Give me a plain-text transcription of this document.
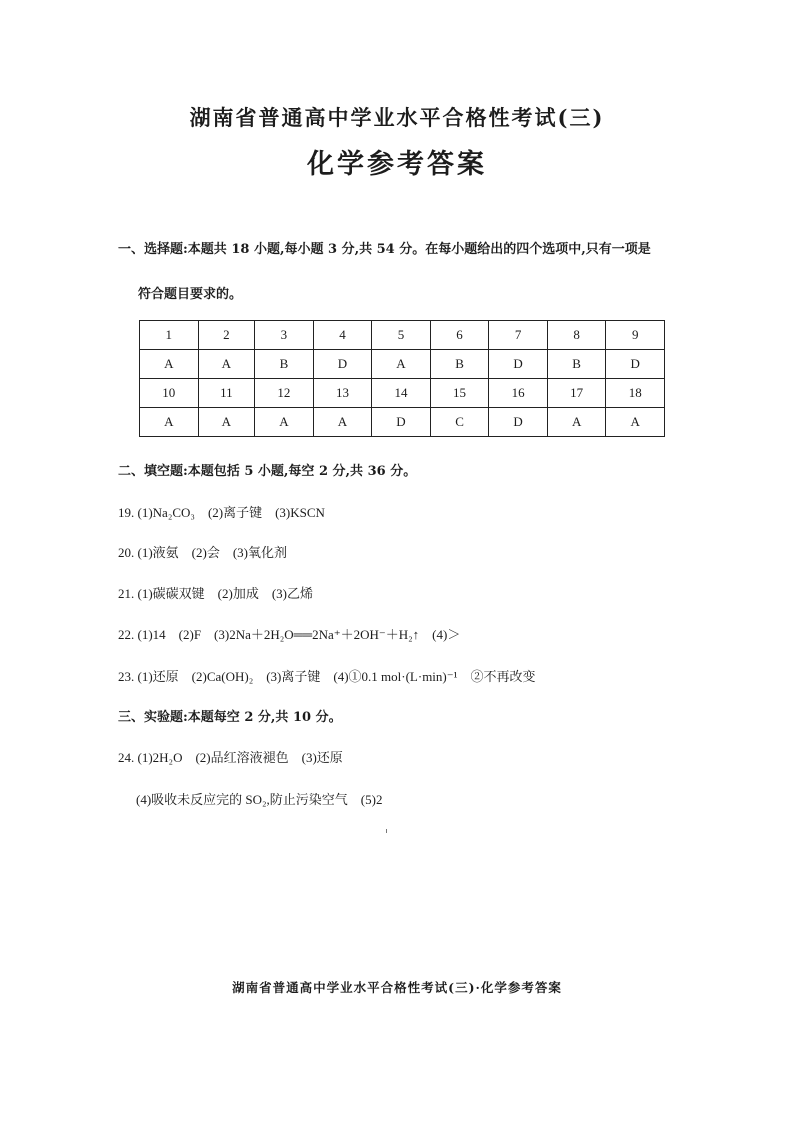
湖南省普通高中学业水平合格性考试(三)
化学参考答案
一、选择题:本题共 18 小题,每小题 3 分,共 54 分。在每小题给出的四个选项中,只有一项是
符合题目要求的。
1	2	3	4	5	6	7	8	9
A	A	B	D	A	B	D	B	D
10	11	12	13	14	15	16	17	18
A	A	A	A	D	C	D	A	A
二、填空题:本题包括 5 小题,每空 2 分,共 36 分。
19. (1)Na₂CO₃　(2)离子键　(3)KSCN
20. (1)液氨　(2)会　(3)氧化剂
21. (1)碳碳双键　(2)加成　(3)乙烯
22. (1)14　(2)F　(3)2Na＋2H₂O══2Na⁺＋2OH⁻＋H₂↑　(4)＞
23. (1)还原　(2)Ca(OH)₂　(3)离子键　(4)①0.1 mol·(L·min)⁻¹　②不再改变
三、实验题:本题每空 2 分,共 10 分。
24. (1)2H₂O　(2)品红溶液褪色　(3)还原
(4)吸收未反应完的 SO₂,防止污染空气　(5)2
湖南省普通高中学业水平合格性考试(三)·化学参考答案
